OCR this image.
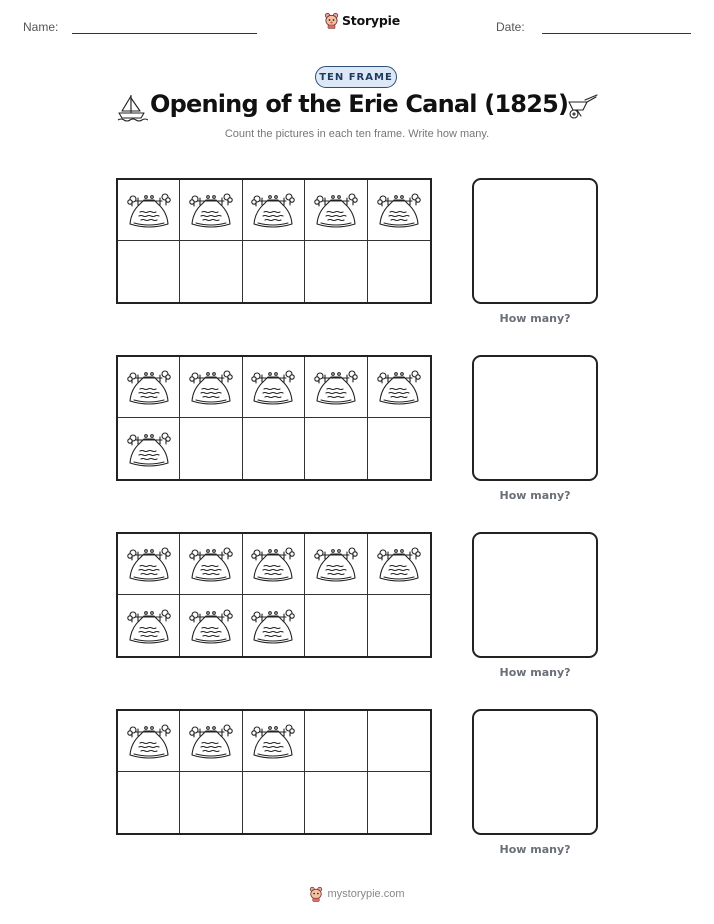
Name:	Storypie	Date:
TEN FRAME
Opening of the Erie Canal (1825)
Count the pictures in each ten frame. Write how many.
How many?
How many?
How many?
How many?
mystorypie.com
